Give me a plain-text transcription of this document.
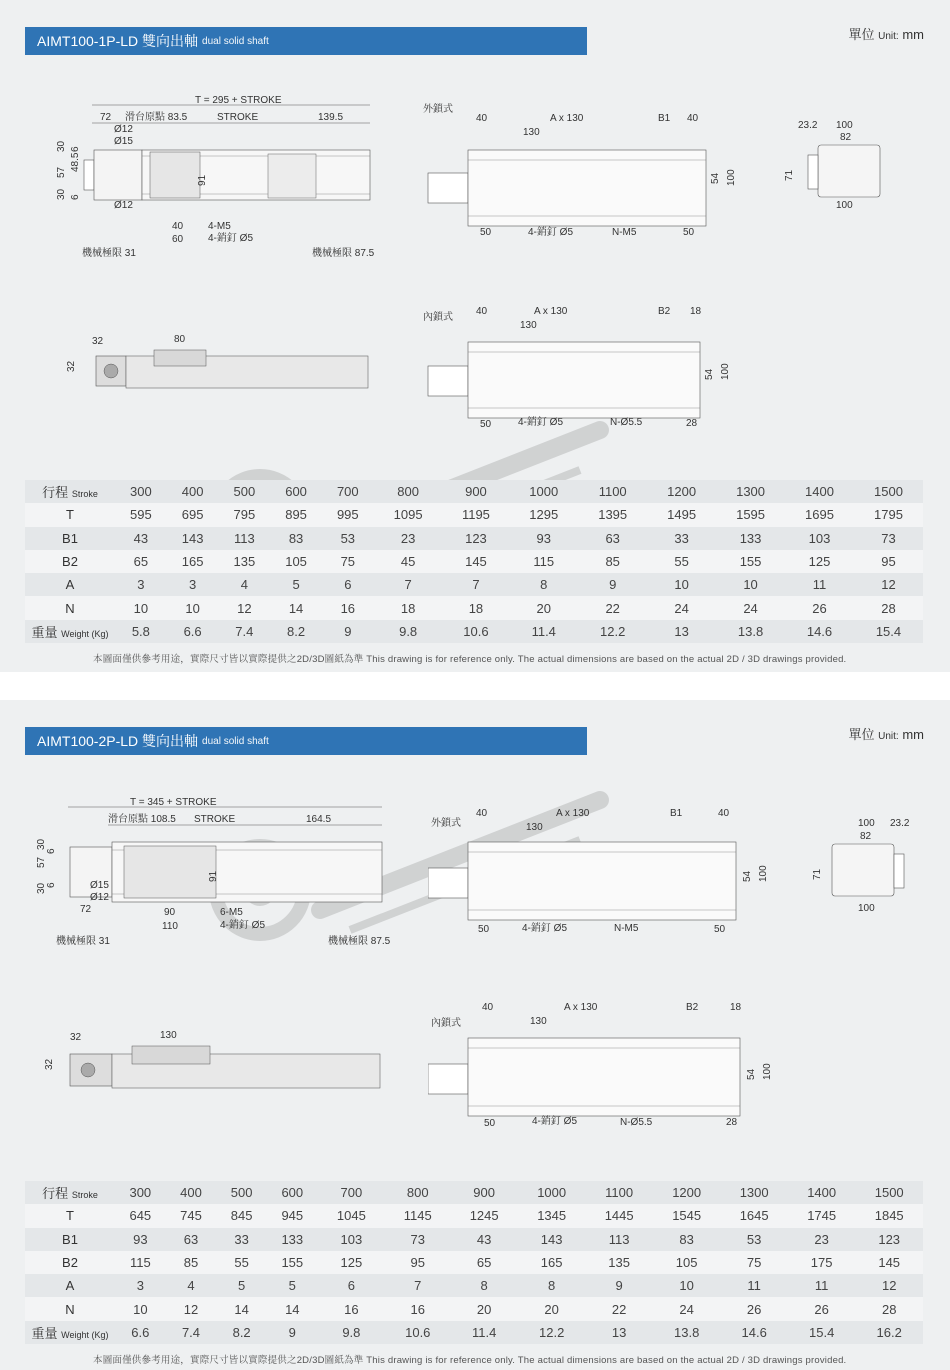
AIMT100-1P-LD 雙向出軸 dual solid shaft	單位 Unit: mm
T = 295 + STROKE
72 滑台原點 83.5	STROKE	139.5
Ø12
Ø15
30
57
48.5
6
30 6
Ø12
91
40
60
4-M5
4-銷釘 Ø5
機械極限 31	機械極限 87.5
外鎖式
40	A x 130	B1 40
130
54 100
50	4-銷釘 Ø5	N-M5	50
23.2 100
82
71
100
32	80
32
內鎖式
40	A x 130	B2 18
130
54 100
50	4-銷釘 Ø5	N-Ø5.5	28
行程 Stroke	300	400	500	600	700	800	900	1000	1100	1200	1300	1400	1500
T	595	695	795	895	995	1095	1195	1295	1395	1495	1595	1695	1795
B1	43	143	113	83	53	23	123	93	63	33	133	103	73
B2	65	165	135	105	75	45	145	115	85	55	155	125	95
A	3	3	4	5	6	7	7	8	9	10	10	11	12
N	10	10	12	14	16	18	18	20	22	24	24	26	28
重量 Weight (Kg)	5.8	6.6	7.4	8.2	9	9.8	10.6	11.4	12.2	13	13.8	14.6	15.4
本圖面僅供參考用途，實際尺寸皆以實際提供之2D/3D圖紙為準 This drawing is for reference only. The actual dimensions are based on the actual 2D / 3D drawings provided.
AIMT100-2P-LD 雙向出軸 dual solid shaft	單位 Unit: mm
T = 345 + STROKE
滑台原點 108.5 STROKE	164.5
30
6
57
6
30
91
Ø15
Ø12
72	90
110
6-M5
4-銷釘 Ø5
機械極限 31	機械極限 87.5
外鎖式
40	A x 130	B1	40
130
54 100
50	4-銷釘 Ø5	N-M5	50
100 23.2
82
71
100
32	130
32
內鎖式
40	A x 130	B2	18
130
54 100
50	4-銷釘 Ø5	N-Ø5.5	28
行程 Stroke	300	400	500	600	700	800	900	1000	1100	1200	1300	1400	1500
T	645	745	845	945	1045	1145	1245	1345	1445	1545	1645	1745	1845
B1	93	63	33	133	103	73	43	143	113	83	53	23	123
B2	115	85	55	155	125	95	65	165	135	105	75	175	145
A	3	4	5	5	6	7	8	8	9	10	11	11	12
N	10	12	14	14	16	16	20	20	22	24	26	26	28
重量 Weight (Kg)	6.6	7.4	8.2	9	9.8	10.6	11.4	12.2	13	13.8	14.6	15.4	16.2
本圖面僅供參考用途，實際尺寸皆以實際提供之2D/3D圖紙為準 This drawing is for reference only. The actual dimensions are based on the actual 2D / 3D drawings provided.
